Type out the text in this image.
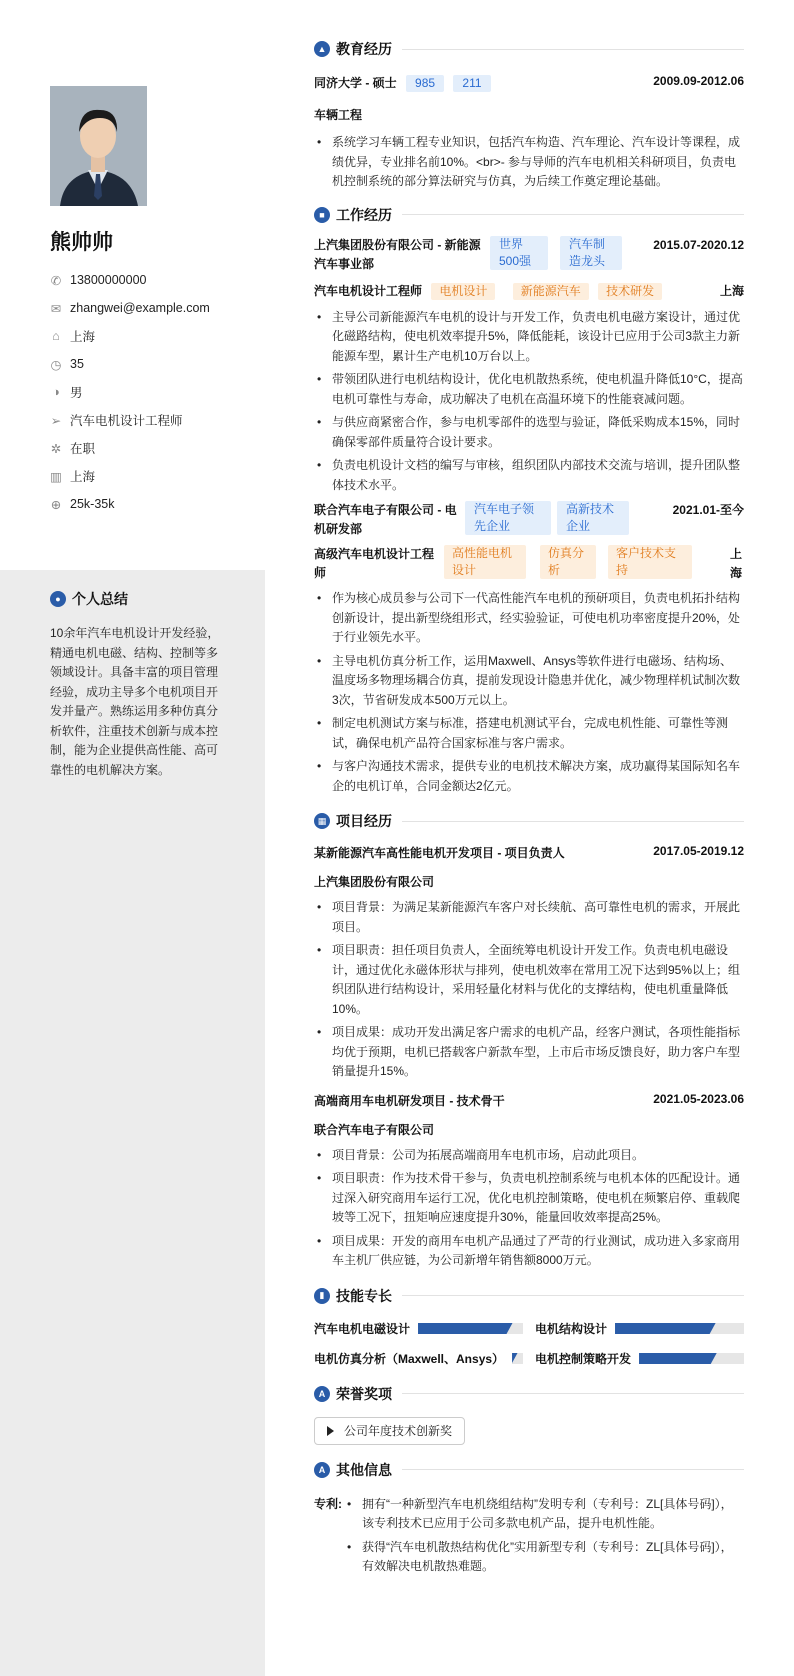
熊帅帅
✆ 13800000000
✉ zhangwei@example.com
⌂ 上海
◷ 35
◑ 男
➢ 汽车电机设计工程师
✲ 在职
▥ 上海
⊕ 25k-35k
● 个人总结
10余年汽车电机设计开发经验，精通电机电磁、结构、控制等多领域设计。具备丰富的项目管理经验，成功主导多个电机项目开发并量产。熟练运用多种仿真分析软件，注重技术创新与成本控制，能为企业提供高性能、高可靠性的电机解决方案。
▲ 教育经历
同济大学 - 硕士 985 211	2009.09-2012.06
车辆工程
• 系统学习车辆工程专业知识，包括汽车构造、汽车理论、汽车设计等课程，成绩优异，专业排名前10%。<br>- 参与导师的汽车电机相关科研项目，负责电机控制系统的部分算法研究与仿真，为后续工作奠定理论基础。
■ 工作经历
上汽集团股份有限公司 - 新能源汽车事业部
世界500强
汽车制造龙头
2015.07-2020.12
汽车电机设计工程师 电机设计	新能源汽车 技术研发	上海
• 主导公司新能源汽车电机的设计与开发工作，负责电机电磁方案设计，通过优化磁路结构，使电机效率提升5%，降低能耗，该设计已应用于公司3款主力新能源车型，累计生产电机10万台以上。
• 带领团队进行电机结构设计，优化电机散热系统，使电机温升降低10°C，提高电机可靠性与寿命，成功解决了电机在高温环境下的性能衰减问题。
• 与供应商紧密合作，参与电机零部件的选型与验证，降低采购成本15%，同时确保零部件质量符合设计要求。
• 负责电机设计文档的编写与审核，组织团队内部技术交流与培训，提升团队整体技术水平。
联合汽车电子有限公司 - 电机研发部
汽车电子领先企业
高新技术企业
2021.01-至今
高级汽车电机设计工程师
高性能电机设计
仿真分析
客户技术支持
上海
• 作为核心成员参与公司下一代高性能汽车电机的预研项目，负责电机拓扑结构创新设计，提出新型绕组形式，经实验验证，可使电机功率密度提升20%，处于行业领先水平。
• 主导电机仿真分析工作，运用Maxwell、Ansys等软件进行电磁场、结构场、温度场多物理场耦合仿真，提前发现设计隐患并优化，减少物理样机试制次数3次，节省研发成本500万元以上。
• 制定电机测试方案与标准，搭建电机测试平台，完成电机性能、可靠性等测试，确保电机产品符合国家标准与客户需求。
• 与客户沟通技术需求，提供专业的电机技术解决方案，成功赢得某国际知名车企的电机订单，合同金额达2亿元。
▦ 项目经历
某新能源汽车高性能电机开发项目 - 项目负责人	2017.05-2019.12
上汽集团股份有限公司
• 项目背景：为满足某新能源汽车客户对长续航、高可靠性电机的需求，开展此项目。
• 项目职责：担任项目负责人，全面统筹电机设计开发工作。负责电机电磁设计，通过优化永磁体形状与排列，使电机效率在常用工况下达到95%以上；组织团队进行结构设计，采用轻量化材料与优化的支撑结构，使电机重量降低10%。
• 项目成果：成功开发出满足客户需求的电机产品，经客户测试，各项性能指标均优于预期，电机已搭载客户新款车型，上市后市场反馈良好，助力客户车型销量提升15%。
高端商用车电机研发项目 - 技术骨干	2021.05-2023.06
联合汽车电子有限公司
• 项目背景：公司为拓展高端商用车电机市场，启动此项目。
• 项目职责：作为技术骨干参与，负责电机控制系统与电机本体的匹配设计。通过深入研究商用车运行工况，优化电机控制策略，使电机在频繁启停、重载爬坡等工况下，扭矩响应速度提升30%，能量回收效率提高25%。
• 项目成果：开发的商用车电机产品通过了严苛的行业测试，成功进入多家商用车主机厂供应链，为公司新增年销售额8000万元。
▮ 技能专长
汽车电机电磁设计	电机结构设计
电机仿真分析（Maxwell、Ansys）	电机控制策略开发
A 荣誉奖项
公司年度技术创新奖
A 其他信息
专利:
•	拥有“一种新型汽车电机绕组结构”发明专利（专利号：ZL[具体号码]），该专利技术已应用于公司多款电机产品，提升电机性能。
• 获得“汽车电机散热结构优化”实用新型专利（专利号：ZL[具体号码]），有效解决电机散热难题。
